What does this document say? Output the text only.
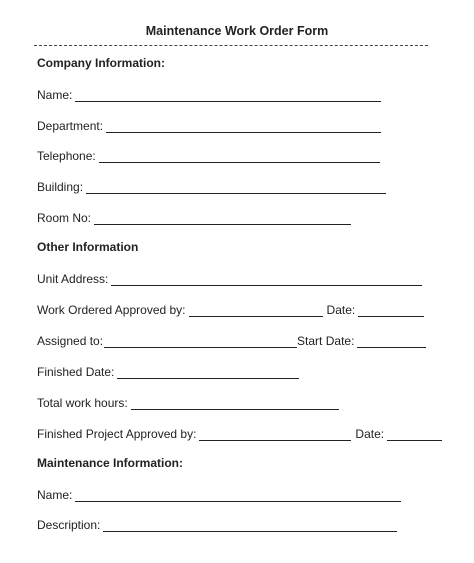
Maintenance Work Order Form
Company Information:
Name:
Department:
Telephone:
Building:
Room No:
Other Information
Unit Address:
Work Ordered Approved by:	Date:
Assigned to:	Start Date:
Finished Date:
Total work hours:
Finished Project Approved by:	Date:
Maintenance Information:
Name:
Description:
